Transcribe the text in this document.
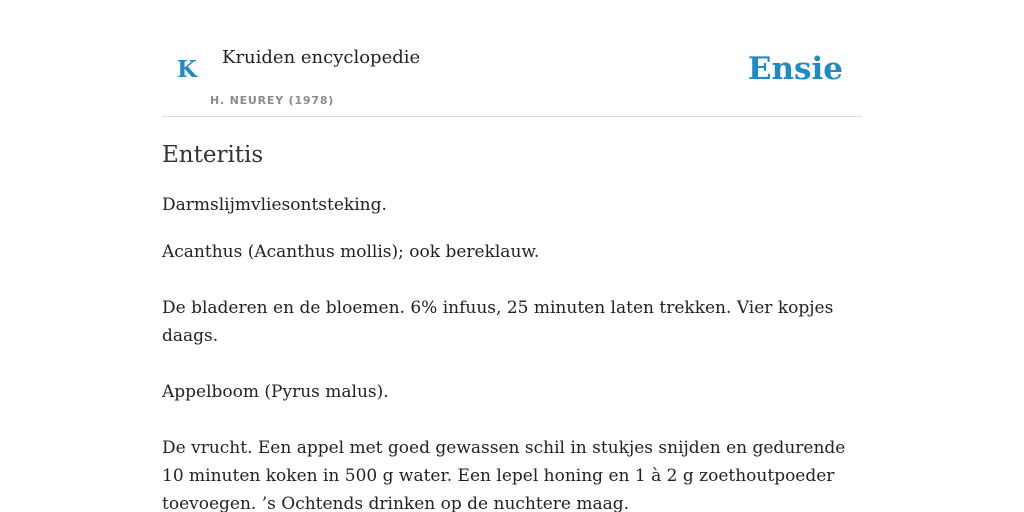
K Kruiden encyclopedie
H. NEUREY (1978)
Ensie
Enteritis

Darmslijmvliesontsteking.

Acanthus (Acanthus mollis); ook bereklauw.

De bladeren en de bloemen. 6% infuus, 25 minuten laten trekken. Vier kopjes daags.

Appelboom (Pyrus malus).

De vrucht. Een appel met goed gewassen schil in stukjes snijden en gedurende 10 minuten koken in 500 g water. Een lepel honing en 1 à 2 g zoethoutpoeder toevoegen. ’s Ochtends drinken op de nuchtere maag.
